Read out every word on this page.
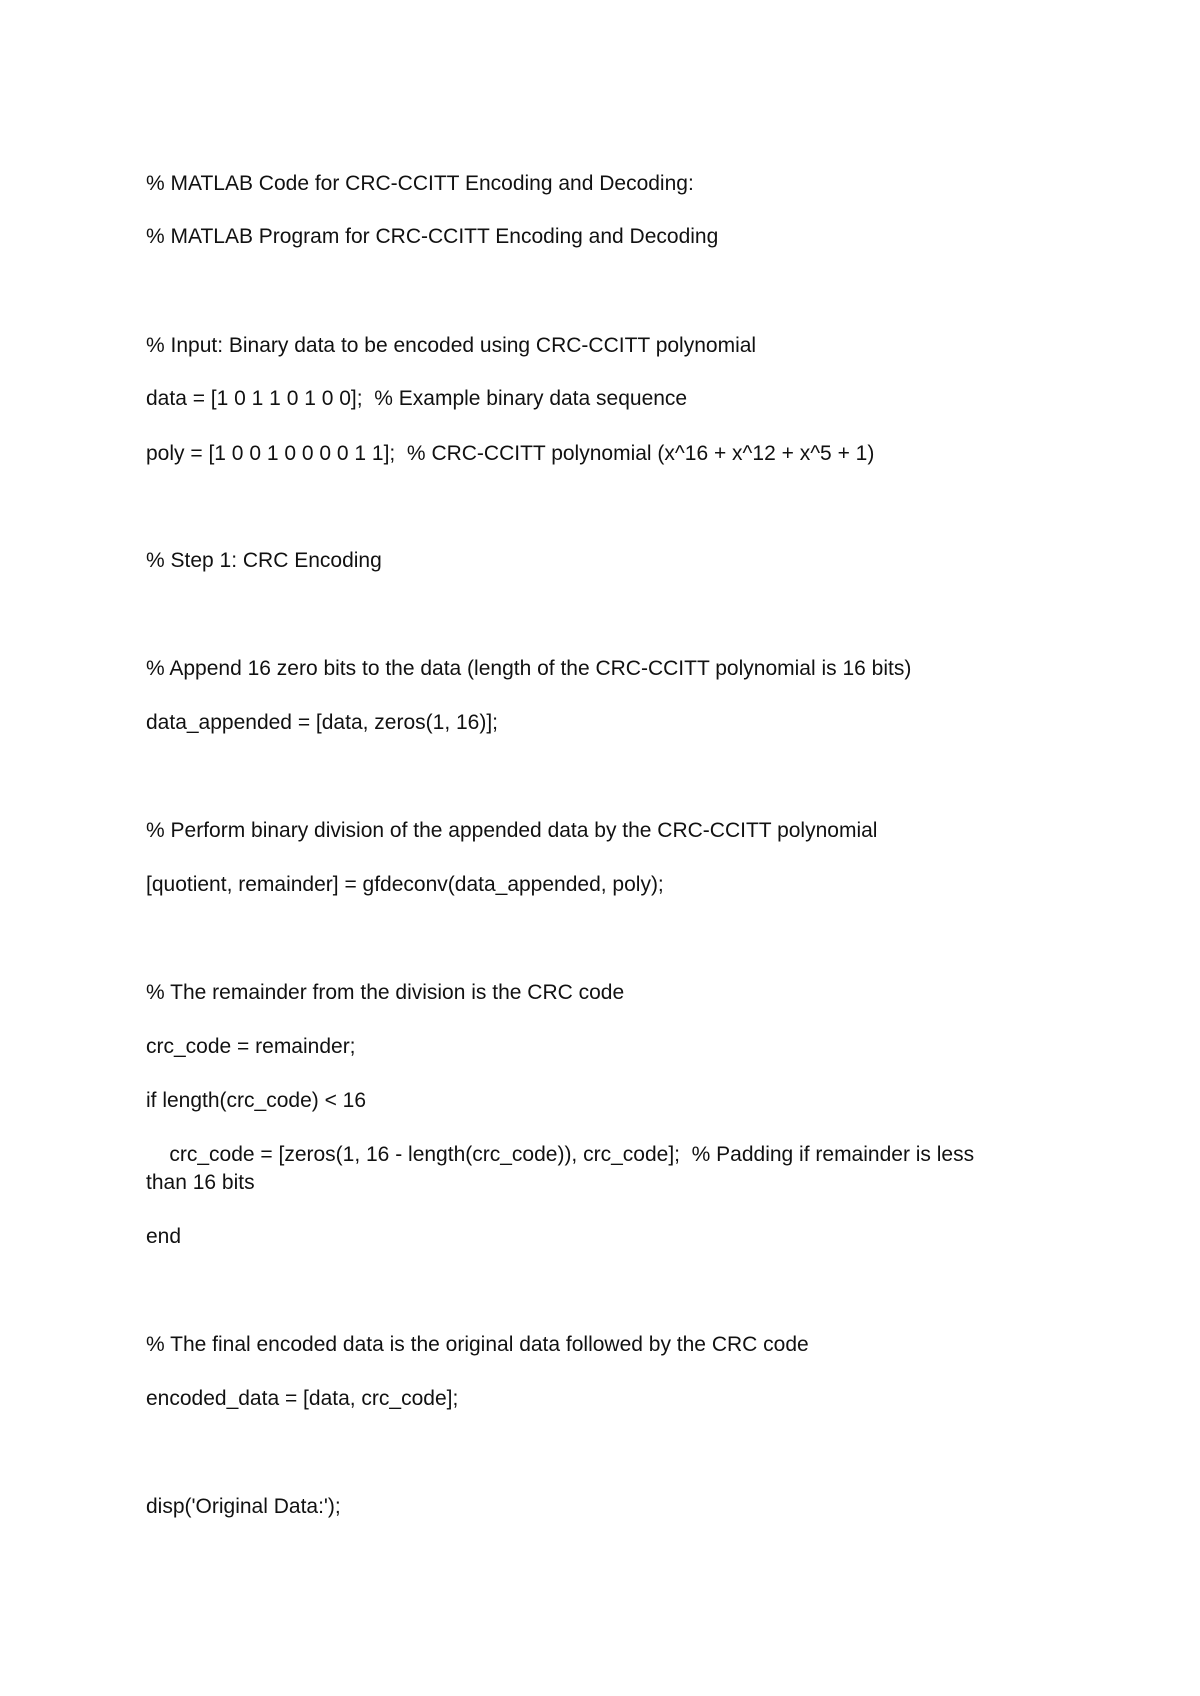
% MATLAB Code for CRC-CCITT Encoding and Decoding:

% MATLAB Program for CRC-CCITT Encoding and Decoding

% Input: Binary data to be encoded using CRC-CCITT polynomial

data = [1 0 1 1 0 1 0 0];  % Example binary data sequence

poly = [1 0 0 1 0 0 0 0 1 1];  % CRC-CCITT polynomial (x^16 + x^12 + x^5 + 1)

% Step 1: CRC Encoding

% Append 16 zero bits to the data (length of the CRC-CCITT polynomial is 16 bits)

data_appended = [data, zeros(1, 16)];

% Perform binary division of the appended data by the CRC-CCITT polynomial

[quotient, remainder] = gfdeconv(data_appended, poly);

% The remainder from the division is the CRC code

crc_code = remainder;

if length(crc_code) < 16

crc_code = [zeros(1, 16 - length(crc_code)), crc_code];  % Padding if remainder is less

than 16 bits

end

% The final encoded data is the original data followed by the CRC code

encoded_data = [data, crc_code];

disp('Original Data:');
